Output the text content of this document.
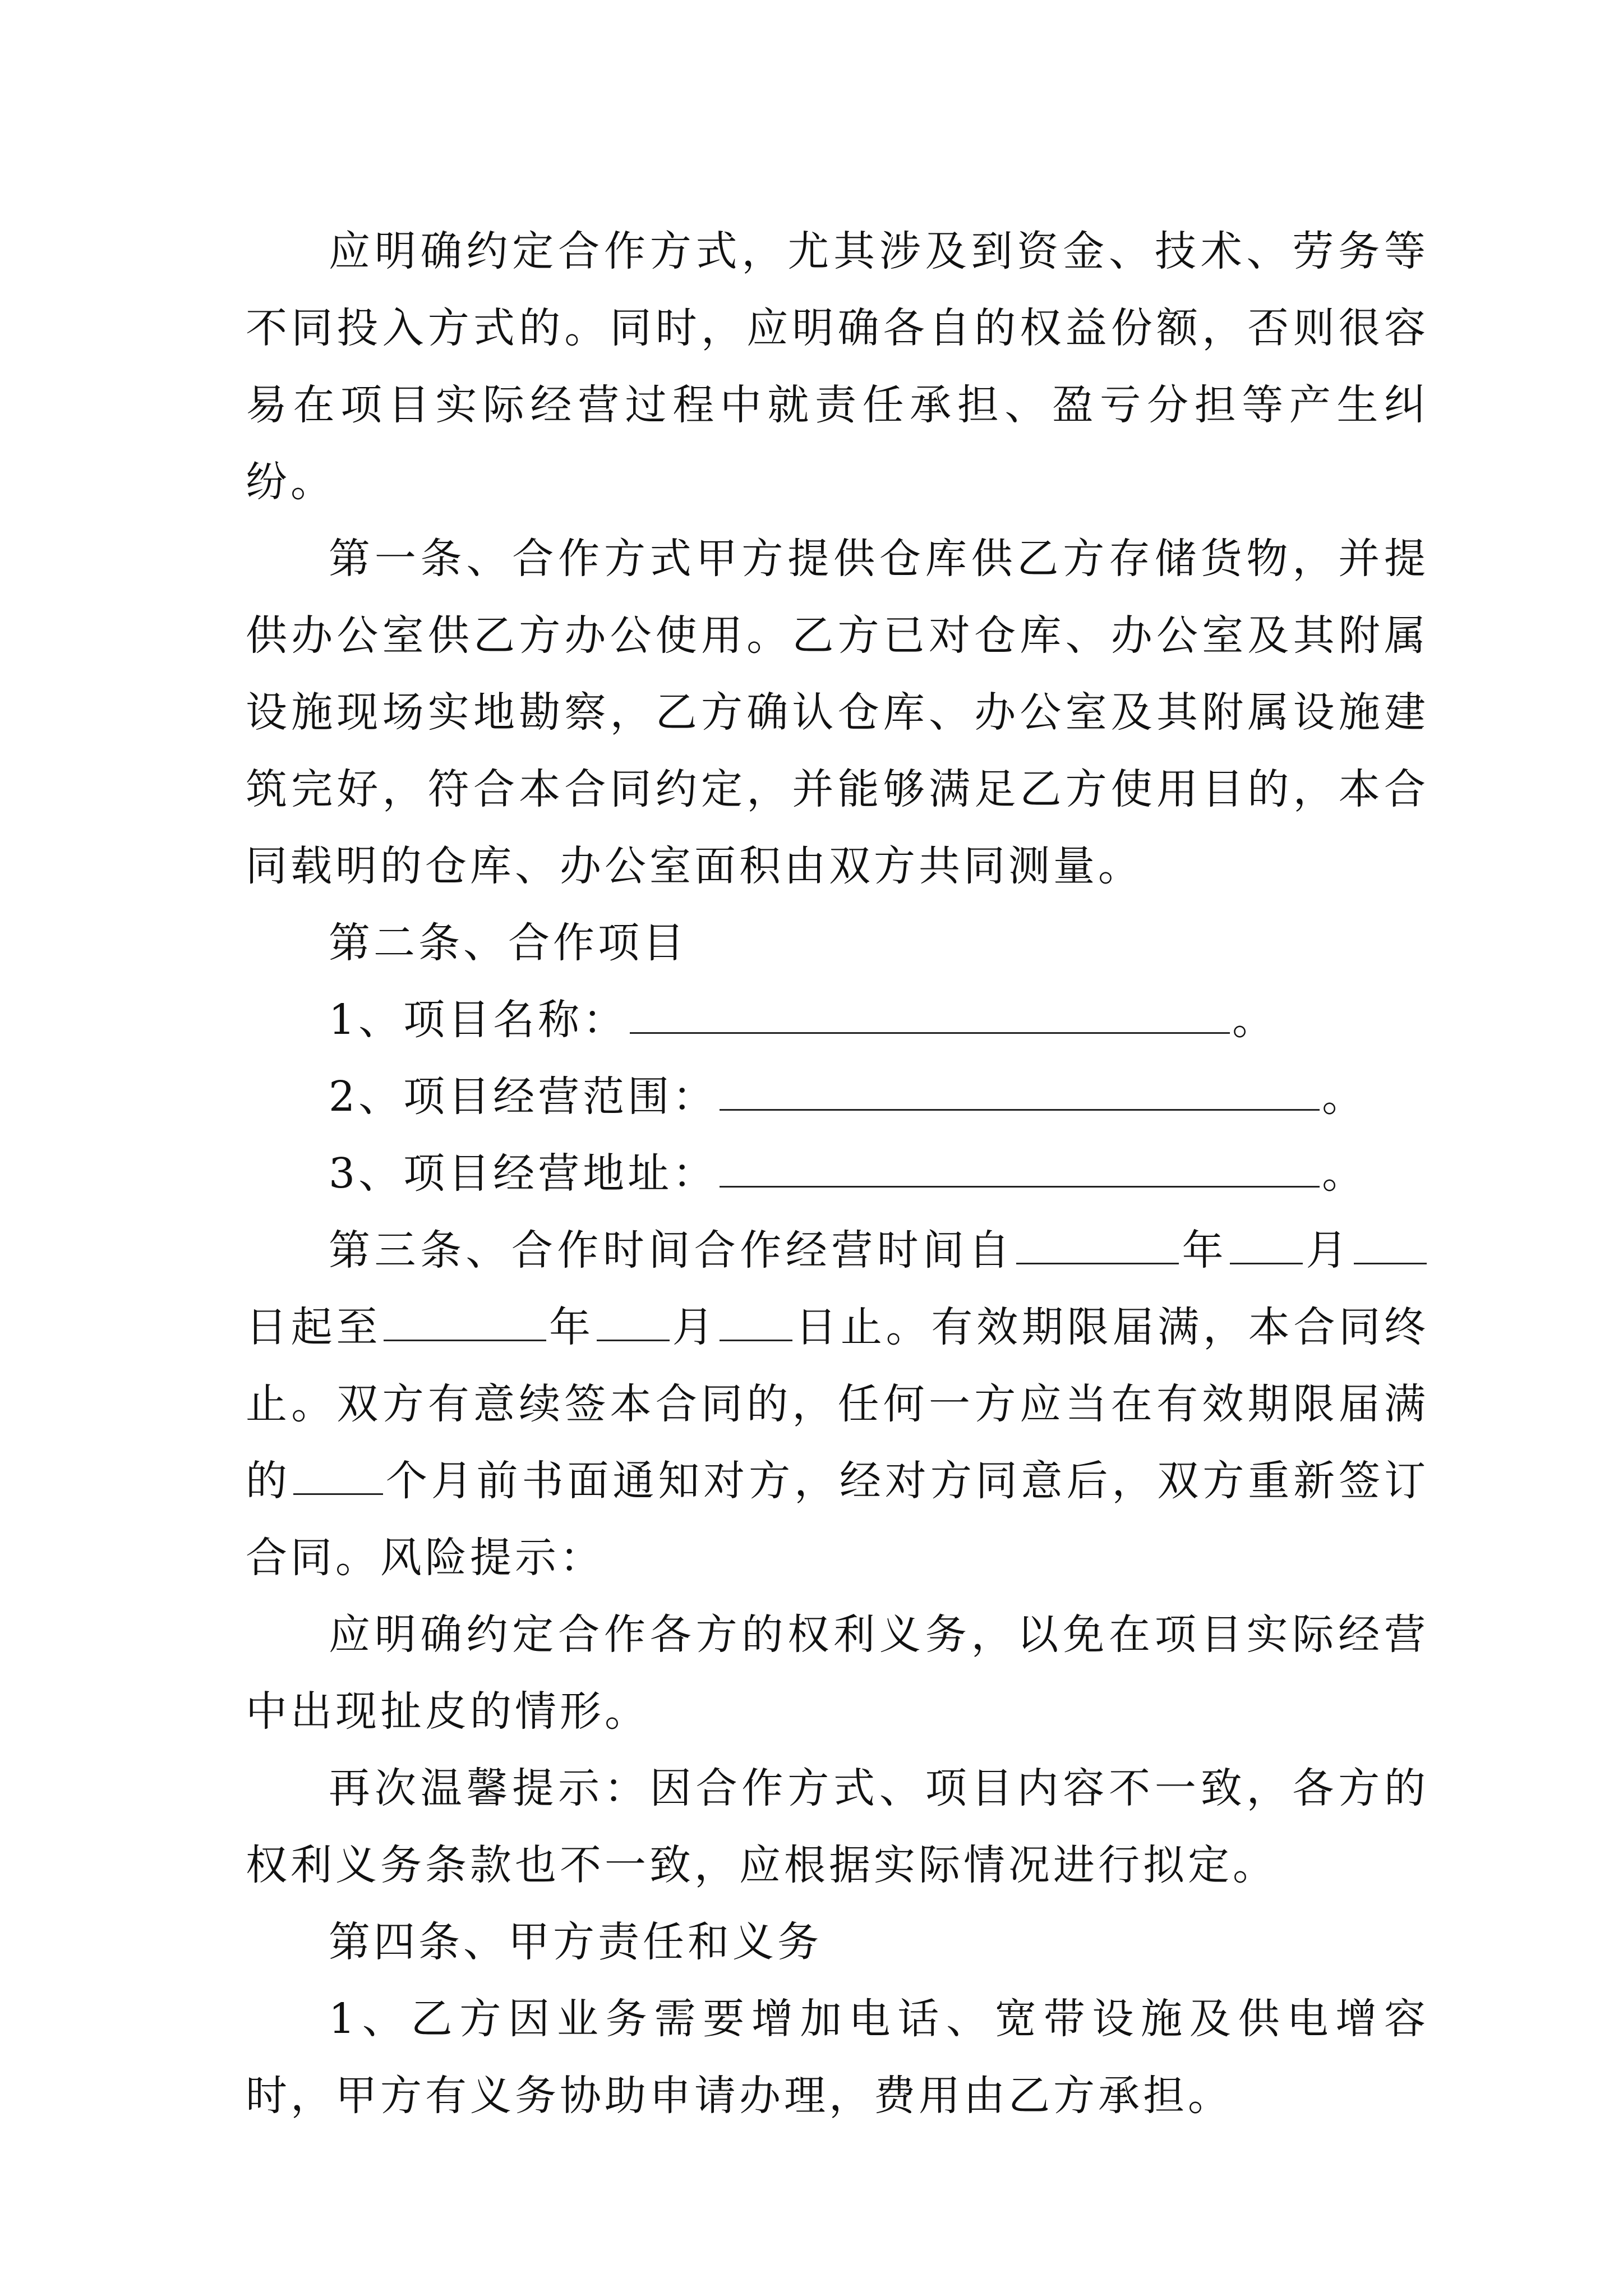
应明确约定合作方式，尤其涉及到资金、技术、劳务等不同投入方式的。同时，应明确各自的权益份额，否则很容易在项目实际经营过程中就责任承担、盈亏分担等产生纠纷。

第一条、合作方式甲方提供仓库供乙方存储货物，并提供办公室供乙方办公使用。乙方已对仓库、办公室及其附属设施现场实地勘察，乙方确认仓库、办公室及其附属设施建筑完好，符合本合同约定，并能够满足乙方使用目的，本合同载明的仓库、办公室面积由双方共同测量。

第二条、合作项目

1、项目名称：	。

2、项目经营范围：	。

3、项目经营地址：	。

第三条、合作时间合作经营时间自	年 月日起至	年 月 日止。有效期限届满，本合同终止。双方有意续签本合同的，任何一方应当在有效期限届满的 个月前书面通知对方，经对方同意后，双方重新签订合同。风险提示：

应明确约定合作各方的权利义务，以免在项目实际经营中出现扯皮的情形。

再次温馨提示：因合作方式、项目内容不一致，各方的权利义务条款也不一致，应根据实际情况进行拟定。

第四条、甲方责任和义务

1、乙方因业务需要增加电话、宽带设施及供电增容时，甲方有义务协助申请办理，费用由乙方承担。
